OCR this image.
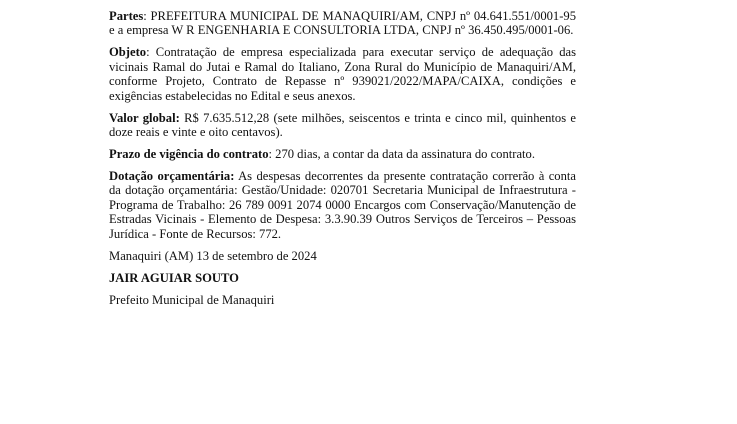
Partes: PREFEITURA MUNICIPAL DE MANAQUIRI/AM, CNPJ nº 04.641.551/0001-95 e a empresa W R ENGENHARIA E CONSULTORIA LTDA, CNPJ nº 36.450.495/0001-06.

Objeto: Contratação de empresa especializada para executar serviço de adequação das vicinais Ramal do Jutai e Ramal do Italiano, Zona Rural do Município de Manaquiri/AM, conforme Projeto, Contrato de Repasse nº 939021/2022/MAPA/CAIXA, condições e exigências estabelecidas no Edital e seus anexos.

Valor global: R$ 7.635.512,28 (sete milhões, seiscentos e trinta e cinco mil, quinhentos e doze reais e vinte e oito centavos).

Prazo de vigência do contrato: 270 dias, a contar da data da assinatura do contrato.

Dotação orçamentária: As despesas decorrentes da presente contratação correrão à conta da dotação orçamentária: Gestão/Unidade: 020701 Secretaria Municipal de Infraestrutura - Programa de Trabalho: 26 789 0091 2074 0000 Encargos com Conservação/Manutenção de Estradas Vicinais - Elemento de Despesa: 3.3.90.39 Outros Serviços de Terceiros – Pessoas Jurídica - Fonte de Recursos: 772.

Manaquiri (AM) 13 de setembro de 2024

JAIR AGUIAR SOUTO

Prefeito Municipal de Manaquiri
